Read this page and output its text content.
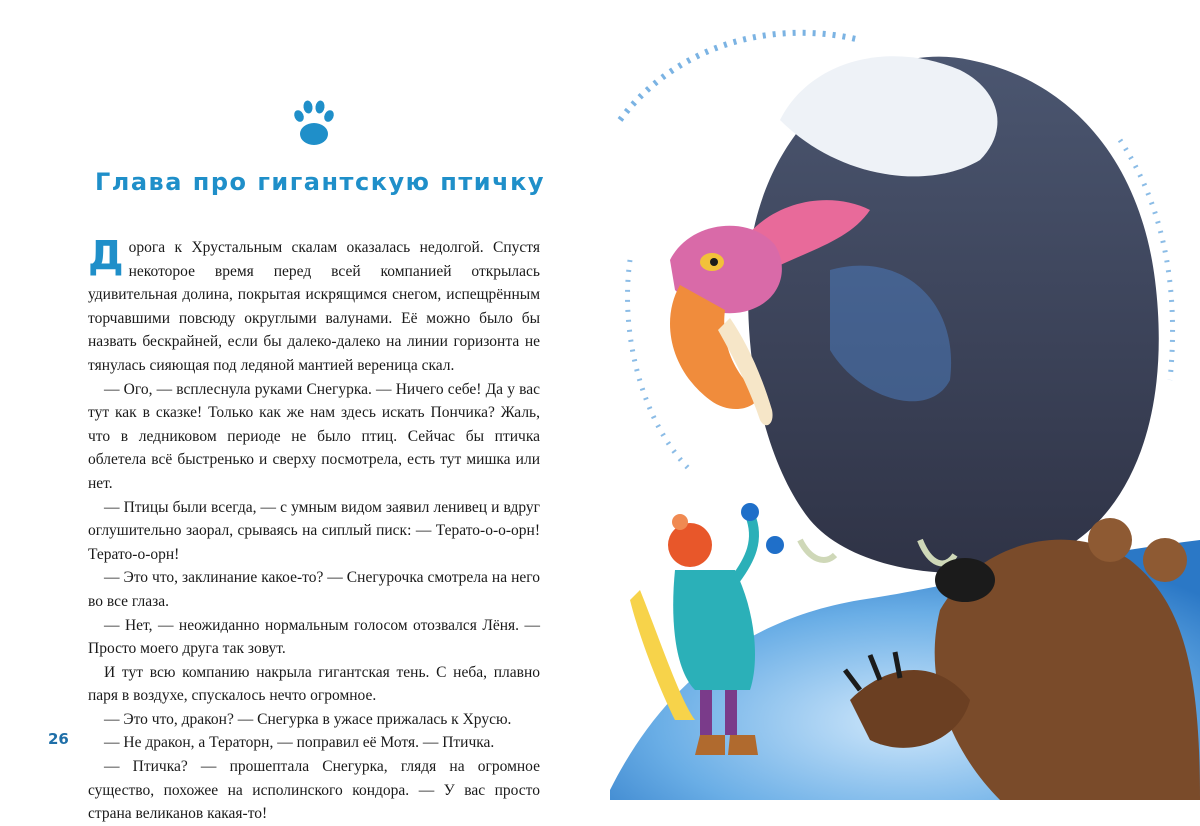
Глава про гигантскую птичку

Дорога к Хрустальным скалам оказалась недолгой. Спустя некоторое время перед всей компанией открылась удивительная долина, покрытая искрящимся снегом, испещрённым торчавшими повсюду округлыми валунами. Её можно было бы назвать бескрайней, если бы далеко-далеко на линии горизонта не тянулась сияющая под ледяной мантией вереница скал.

— Ого, — всплеснула руками Снегурка. — Ничего себе! Да у вас тут как в сказке! Только как же нам здесь искать Пончика? Жаль, что в ледниковом периоде не было птиц. Сейчас бы птичка облетела всё быстренько и сверху посмотрела, есть тут мишка или нет.

— Птицы были всегда, — с умным видом заявил ленивец и вдруг оглушительно заорал, срываясь на сиплый писк: — Терато-о-о-орн! Терато-о-орн!

— Это что, заклинание какое-то? — Снегурочка смотрела на него во все глаза.

— Нет, — неожиданно нормальным голосом отозвался Лёня. — Просто моего друга так зовут.

И тут всю компанию накрыла гигантская тень. С неба, плавно паря в воздухе, спускалось нечто огромное.

— Это что, дракон? — Снегурка в ужасе прижалась к Хрусю.

— Не дракон, а Тераторн, — поправил её Мотя. — Птичка.

— Птичка? — прошептала Снегурка, глядя на огромное существо, похожее на исполинского кондора. — У вас просто страна великанов какая-то!

26
